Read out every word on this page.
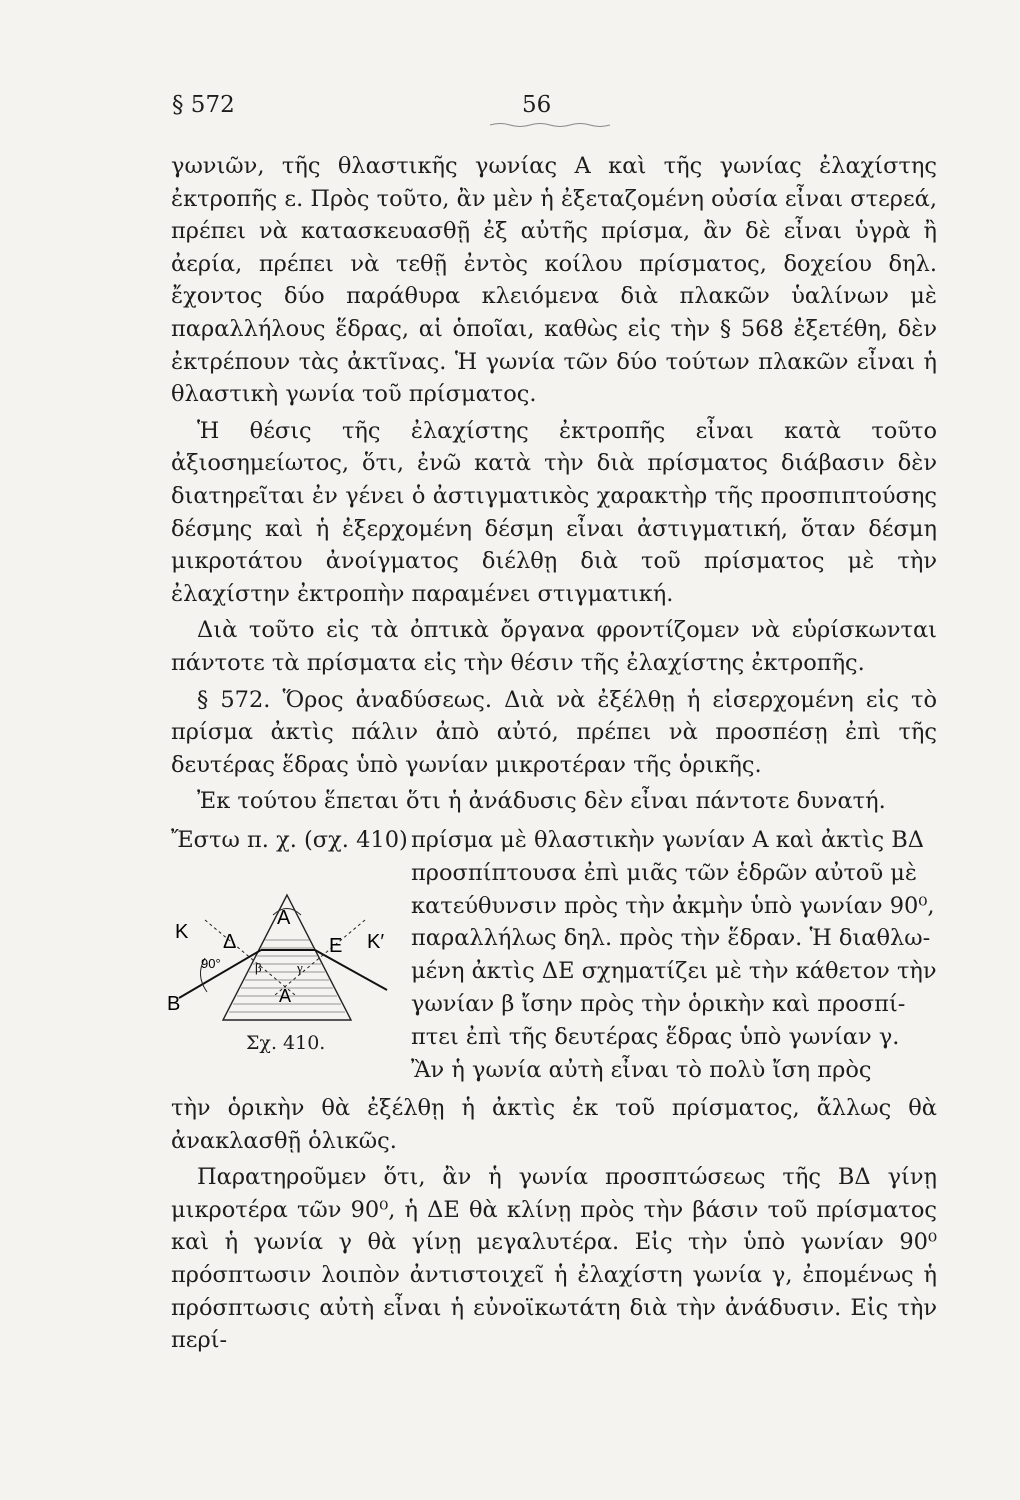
§ 572	56

γωνιῶν, τῆς θλαστικῆς γωνίας Α καὶ τῆς γωνίας ἐλαχίστης ἐκτροπῆς ε. Πρὸς τοῦτο, ἂν μὲν ἡ ἐξεταζομένη οὐσία εἶναι στερεά, πρέπει νὰ κατασκευασθῇ ἐξ αὐτῆς πρίσμα, ἂν δὲ εἶναι ὑγρὰ ἢ ἀερία, πρέπει νὰ τεθῇ ἐντὸς κοίλου πρίσματος, δοχείου δηλ. ἔχοντος δύο παράθυρα κλειόμενα διὰ πλακῶν ὑαλίνων μὲ παραλλήλους ἕδρας, αἱ ὁποῖαι, καθὼς εἰς τὴν § 568 ἐξετέθη, δὲν ἐκτρέπουν τὰς ἀκτῖνας. Ἡ γωνία τῶν δύο τούτων πλακῶν εἶναι ἡ θλαστικὴ γωνία τοῦ πρίσματος.

Ἡ θέσις τῆς ἐλαχίστης ἐκτροπῆς εἶναι κατὰ τοῦτο ἀξιοσημείωτος, ὅτι, ἐνῶ κατὰ τὴν διὰ πρίσματος διάβασιν δὲν διατηρεῖται ἐν γένει ὁ ἀστιγματικὸς χαρακτὴρ τῆς προσπιπτούσης δέσμης καὶ ἡ ἐξερχομένη δέσμη εἶναι ἀστιγματική, ὅταν δέσμη μικροτάτου ἀνοίγματος διέλθῃ διὰ τοῦ πρίσματος μὲ τὴν ἐλαχίστην ἐκτροπὴν παραμένει στιγματική.

Διὰ τοῦτο εἰς τὰ ὀπτικὰ ὄργανα φροντίζομεν νὰ εὑρίσκωνται πάντοτε τὰ πρίσματα εἰς τὴν θέσιν τῆς ἐλαχίστης ἐκτροπῆς.

§ 572. Ὅρος ἀναδύσεως. Διὰ νὰ ἐξέλθῃ ἡ εἰσερχομένη εἰς τὸ πρίσμα ἀκτὶς πάλιν ἀπὸ αὐτό, πρέπει νὰ προσπέσῃ ἐπὶ τῆς δευτέρας ἕδρας ὑπὸ γωνίαν μικροτέραν τῆς ὁρικῆς.

Ἐκ τούτου ἕπεται ὅτι ἡ ἀνάδυσις δὲν εἶναι πάντοτε δυνατή.

Ἔστω π. χ. (σχ. 410) πρίσμα μὲ θλαστικὴν γωνίαν Α καὶ ἀκτὶς ΒΔ
προσπίπτουσα ἐπὶ μιᾶς τῶν ἑδρῶν αὐτοῦ μὲ
κατεύθυνσιν πρὸς τὴν ἀκμὴν ὑπὸ γωνίαν 90⁰,
παραλλήλως δηλ. πρὸς τὴν ἕδραν. Ἡ διαθλω-
μένη ἀκτὶς ΔΕ σχηματίζει μὲ τὴν κάθετον τὴν
γωνίαν β ἴσην πρὸς τὴν ὁρικὴν καὶ προσπί-
πτει ἐπὶ τῆς δευτέρας ἕδρας ὑπὸ γωνίαν γ.
Ἂν ἡ γωνία αὐτὴ εἶναι τὸ πολὺ ἴση πρὸς
A
A
K	K′
Δ	E
B
90°	β	γ
Σχ. 410.

τὴν ὁρικὴν θὰ ἐξέλθῃ ἡ ἀκτὶς ἐκ τοῦ πρίσματος, ἄλλως θὰ ἀνακλασθῇ ὁλικῶς.

Παρατηροῦμεν ὅτι, ἂν ἡ γωνία προσπτώσεως τῆς ΒΔ γίνῃ μικροτέρα τῶν 90⁰, ἡ ΔΕ θὰ κλίνῃ πρὸς τὴν βάσιν τοῦ πρίσματος καὶ ἡ γωνία γ θὰ γίνῃ μεγαλυτέρα. Εἰς τὴν ὑπὸ γωνίαν 90⁰ πρόσπτωσιν λοιπὸν ἀντιστοιχεῖ ἡ ἐλαχίστη γωνία γ, ἐπομένως ἡ πρόσπτωσις αὐτὴ εἶναι ἡ εὐνοϊκωτάτη διὰ τὴν ἀνάδυσιν. Εἰς τὴν περί-
